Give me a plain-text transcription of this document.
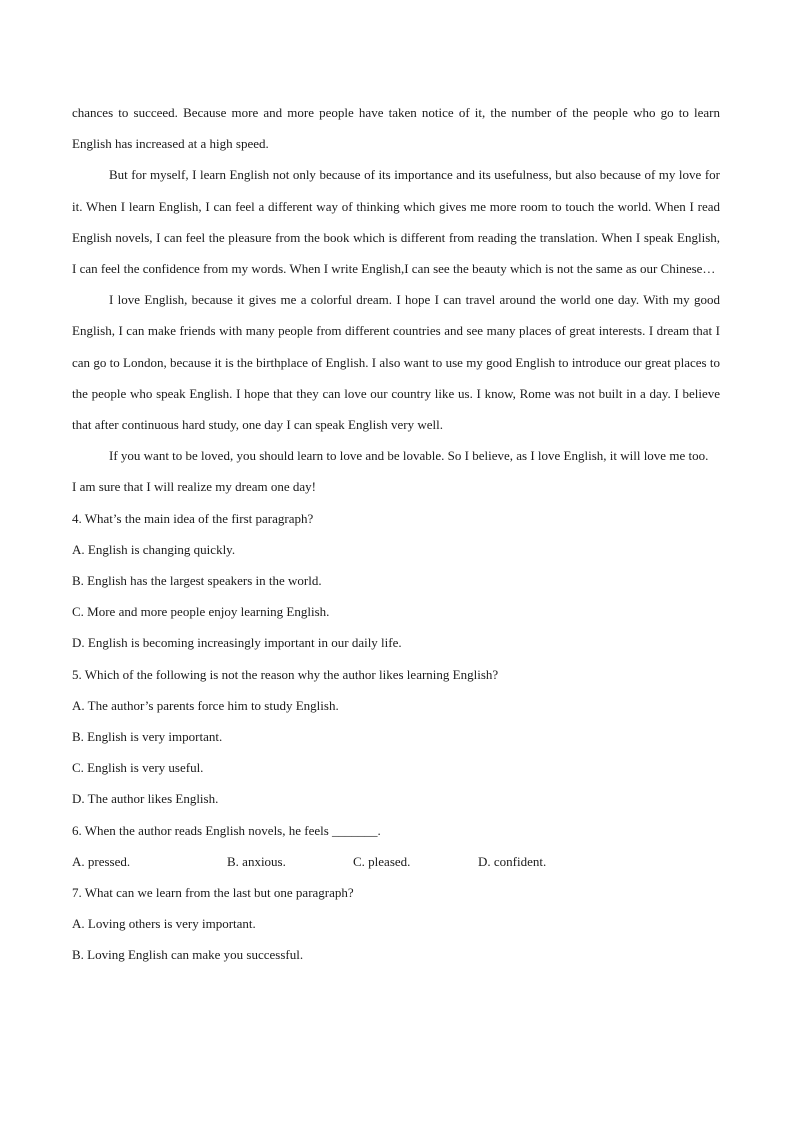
chances to succeed. Because more and more people have taken notice of it, the number of the people who go to learn English has increased at a high speed.

But for myself, I learn English not only because of its importance and its usefulness, but also because of my love for it. When I learn English, I can feel a different way of thinking which gives me more room to touch the world. When I read English novels, I can feel the pleasure from the book which is different from reading the translation. When I speak English, I can feel the confidence from my words. When I write English,I can see the beauty which is not the same as our Chinese…

I love English, because it gives me a colorful dream. I hope I can travel around the world one day. With my good English, I can make friends with many people from different countries and see many places of great interests. I dream that I can go to London, because it is the birthplace of English. I also want to use my good English to introduce our great places to the people who speak English. I hope that they can love our country like us. I know, Rome was not built in a day. I believe that after continuous hard study, one day I can speak English very well.

If you want to be loved, you should learn to love and be lovable. So I believe, as I love English, it will love me too.

I am sure that I will realize my dream one day!

4. What’s the main idea of the first paragraph?

A. English is changing quickly.

B. English has the largest speakers in the world.

C. More and more people enjoy learning English.

D. English is becoming increasingly important in our daily life.

5. Which of the following is not the reason why the author likes learning English?

A. The author’s parents force him to study English.

B. English is very important.

C. English is very useful.

D. The author likes English.

6. When the author reads English novels, he feels _______.

A. pressed.	B. anxious.	C. pleased.	D. confident.

7. What can we learn from the last but one paragraph?

A. Loving others is very important.

B. Loving English can make you successful.
